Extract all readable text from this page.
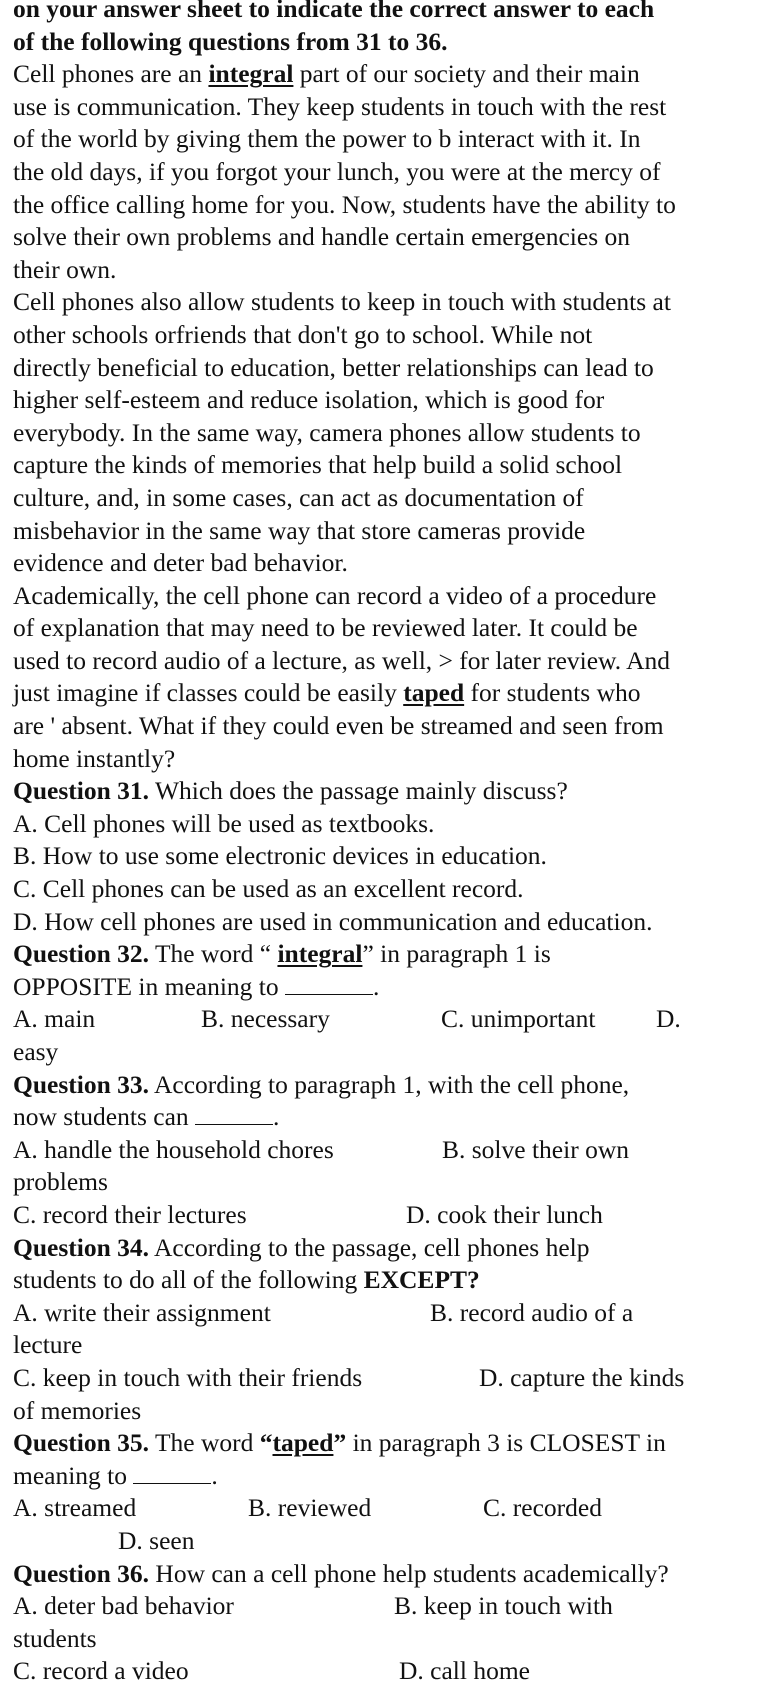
on your answer sheet to indicate the correct answer to each
of the following questions from 31 to 36.
Cell phones are an integral part of our society and their main
use is communication. They keep students in touch with the rest
of the world by giving them the power to b interact with it. In
the old days, if you forgot your lunch, you were at the mercy of
the office calling home for you. Now, students have the ability to
solve their own problems and handle certain emergencies on
their own.
Cell phones also allow students to keep in touch with students at
other schools orfriends that don't go to school. While not
directly beneficial to education, better relationships can lead to
higher self-esteem and reduce isolation, which is good for
everybody. In the same way, camera phones allow students to
capture the kinds of memories that help build a solid school
culture, and, in some cases, can act as documentation of
misbehavior in the same way that store cameras provide
evidence and deter bad behavior.
Academically, the cell phone can record a video of a procedure
of explanation that may need to be reviewed later. It could be
used to record audio of a lecture, as well, > for later review. And
just imagine if classes could be easily taped for students who
are ' absent. What if they could even be streamed and seen from
home instantly?
Question 31. Which does the passage mainly discuss?
A. Cell phones will be used as textbooks.
B. How to use some electronic devices in education.
C. Cell phones can be used as an excellent record.
D. How cell phones are used in communication and education.
Question 32. The word “ integral” in paragraph 1 is
OPPOSITE in meaning to	.
A. main	B. necessary	C. unimportant D.
easy
Question 33. According to paragraph 1, with the cell phone,
now students can	.
A. handle the household chores	B. solve their own
problems
C. record their lectures	D. cook their lunch
Question 34. According to the passage, cell phones help
students to do all of the following EXCEPT?
A. write their assignment	B. record audio of a
lecture
C. keep in touch with their friends	D. capture the kinds
of memories
Question 35. The word “taped” in paragraph 3 is CLOSEST in
meaning to	.
A. streamed	B. reviewed	C. recorded
D. seen
Question 36. How can a cell phone help students academically?
A. deter bad behavior	B. keep in touch with
students
C. record a video	D. call home
